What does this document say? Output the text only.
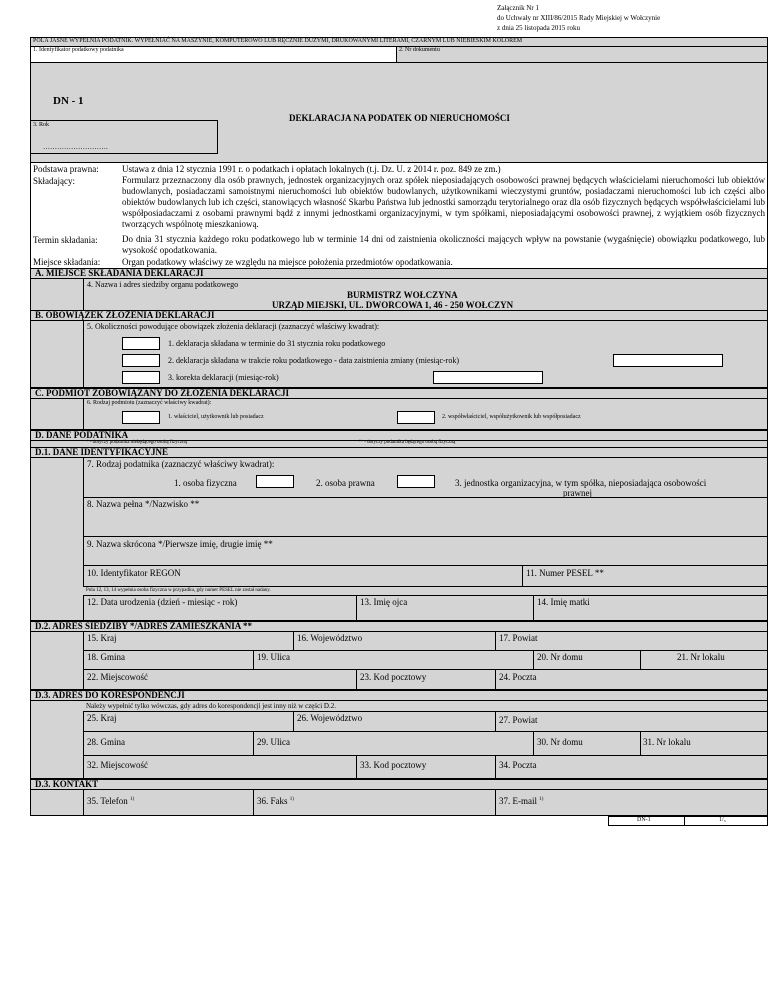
Załącznik Nr 1
do Uchwały nr XIII/86/2015 Rady Miejskiej w Wołczynie
z dnia 25 listopada 2015 roku
POLA JASNE WYPEŁNIA PODATNIK. WYPEŁNIAĆ NA MASZYNIE, KOMPUTEROWO LUB RĘCZNIE DUŻYMI, DRUKOWANYMI LITERAMI, CZARNYM LUB NIEBIESKIM KOLOREM
1. Identyfikator podatkowy podatnika	2. Nr dokumentu
DN - 1
DEKLARACJA NA PODATEK OD NIERUCHOMOŚCI
3. Rok
……………………….
Podstawa prawna:	Ustawa z dnia 12 stycznia 1991 r. o podatkach i opłatach lokalnych (t.j. Dz. U. z 2014 r. poz. 849 ze zm.)
Składający:	Formularz przeznaczony dla osób prawnych, jednostek organizacyjnych oraz spółek nieposiadających osobowości prawnej będących właścicielami nieruchomości lub obiektów budowlanych, posiadaczami samoistnymi nieruchomości lub obiektów budowlanych, użytkownikami wieczystymi gruntów, posiadaczami nieruchomości lub ich części albo obiektów budowlanych lub ich części, stanowiących własność Skarbu Państwa lub jednostki samorządu terytorialnego oraz dla osób fizycznych będących współwłaścicielami lub współposiadaczami z osobami prawnymi bądź z innymi jednostkami organizacyjnymi, w tym spółkami, nieposiadającymi osobowości prawnej, z wyjątkiem osób fizycznych tworzących wspólnotę mieszkaniową.
Termin składania:	Do dnia 31 stycznia każdego roku podatkowego lub w terminie 14 dni od zaistnienia okoliczności mających wpływ na powstanie (wygaśnięcie) obowiązku podatkowego, lub wysokość opodatkowania.
Miejsce składania: Organ podatkowy właściwy ze względu na miejsce położenia przedmiotów opodatkowania.
A. MIEJSCE SKŁADANIA DEKLARACJI
4. Nazwa i adres siedziby organu podatkowego
BURMISTRZ WOŁCZYNA
URZĄD MIEJSKI, UL. DWORCOWA 1, 46 - 250 WOŁCZYN
B. OBOWIĄZEK ZŁOŻENIA DEKLARACJI
5. Okoliczności powodujące obowiązek złożenia deklaracji (zaznaczyć właściwy kwadrat):
1. deklaracja składana w terminie do 31 stycznia roku podatkowego
2. deklaracja składana w trakcie roku podatkowego - data zaistnienia zmiany (miesiąc-rok)
3. korekta deklaracji (miesiąc-rok)
C. PODMIOT ZOBOWIĄZANY DO ZŁOŻENIA DEKLARACJI
6. Rodzaj podmiotu (zaznaczyć właściwy kwadrat):
1. właściciel, użytkownik lub posiadacz	2. współwłaściciel, współużytkownik lub współposiadacz
D. DANE PODATNIKA
* - dotyczy podatnika niebędącego osobą fizyczną	** - dotyczy podatnika będącego osobą fizyczną
D.1. DANE IDENTYFIKACYJNE
7. Rodzaj podatnika (zaznaczyć właściwy kwadrat):
1. osoba fizyczna	2. osoba prawna	3. jednostka organizacyjna, w tym spółka, nieposiadająca osobowości
prawnej
8. Nazwa pełna */Nazwisko **
9. Nazwa skrócona */Pierwsze imię, drugie imię **
10. Identyfikator REGON	11. Numer PESEL **
Pola 12, 13, 14 wypełnia osoba fizyczna w przypadku, gdy numer PESEL nie został nadany.
12. Data urodzenia (dzień - miesiąc - rok)	13. Imię ojca	14. Imię matki
D.2. ADRES SIEDZIBY */ADRES ZAMIESZKANIA **
15. Kraj	16. Województwo	17. Powiat
18. Gmina	19. Ulica	20. Nr domu	21. Nr lokalu
22. Miejscowość	23. Kod pocztowy	24. Poczta
D.3. ADRES DO KORESPONDENCJI
Należy wypełnić tylko wówczas, gdy adres do korespondencji jest inny niż w części D.2.
25. Kraj	26. Województwo	27. Powiat
28. Gmina	29. Ulica	30. Nr domu	31. Nr lokalu
32. Miejscowość	33. Kod pocztowy	34. Poczta
D.3. KONTAKT
35. Telefon $^{1)}$	36. Faks $^{1)}$	37. E-mail $^{1)}$
DN-1	1/₃
